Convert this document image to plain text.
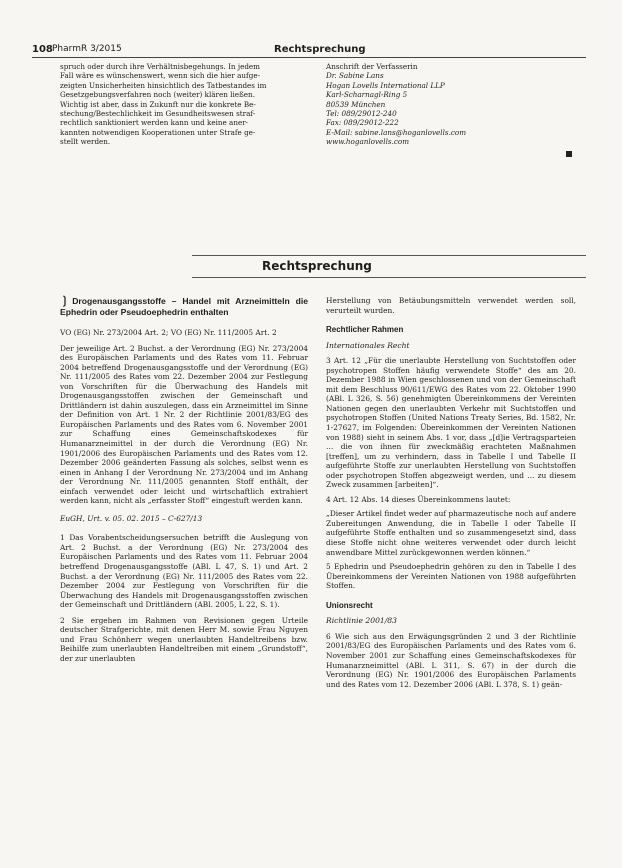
108 PharmR 3/2015	Rechtsprechung
spruch oder durch ihre Verhältnisbegehungs. In jedem
Fall wäre es wünschenswert, wenn sich die hier aufge-
zeigten Unsicherheiten hinsichtlich des Tatbestandes im
Gesetzgebungsverfahren noch (weiter) klären ließen.
Wichtig ist aber, dass in Zukunft nur die konkrete Be-
stechung/Bestechlichkeit im Gesundheitswesen straf-
rechtlich sanktioniert werden kann und keine aner-
kannten notwendigen Kooperationen unter Strafe ge-
stellt werden.
Anschrift der Verfasserin
Dr. Sabine Lans
Hogan Lovells International LLP
Karl-Scharnagl-Ring 5
80539 München
Tel: 089/29012-240
Fax: 089/29012-222
E-Mail: sabine.lans@hoganlovells.com
www.hoganlovells.com
Rechtsprechung
❳ Drogenausgangsstoffe – Handel mit Arzneimitteln die Ephedrin oder Pseudoephedrin enthalten

VO (EG) Nr. 273/2004 Art. 2; VO (EG) Nr. 111/2005 Art. 2

Der jeweilige Art. 2 Buchst. a der Verordnung (EG) Nr. 273/2004 des Europäischen Parlaments und des Rates vom 11. Februar 2004 betreffend Drogenausgangsstoffe und der Verordnung (EG) Nr. 111/2005 des Rates vom 22. Dezember 2004 zur Festlegung von Vorschriften für die Überwachung des Handels mit Drogenausgangsstoffen zwischen der Gemeinschaft und Drittländern ist dahin auszulegen, dass ein Arzneimittel im Sinne der Definition von Art. 1 Nr. 2 der Richtlinie 2001/83/EG des Europäischen Parlaments und des Rates vom 6. November 2001 zur Schaffung eines Gemeinschaftskodexes für Humanarzneimittel in der durch die Verordnung (EG) Nr. 1901/2006 des Europäischen Parlaments und des Rates vom 12. Dezember 2006 geänderten Fassung als solches, selbst wenn es einen in Anhang I der Verordnung Nr. 273/2004 und im Anhang der Verordnung Nr. 111/2005 genannten Stoff enthält, der einfach verwendet oder leicht und wirtschaftlich extrahiert werden kann, nicht als „erfasster Stoff“ eingestuft werden kann.

EuGH, Urt. v. 05. 02. 2015 – C-627/13

1 Das Vorabentscheidungsersuchen betrifft die Auslegung von Art. 2 Buchst. a der Verordnung (EG) Nr. 273/2004 des Europäischen Parlaments und des Rates vom 11. Februar 2004 betreffend Drogenausgangsstoffe (ABl. L 47, S. 1) und Art. 2 Buchst. a der Verordnung (EG) Nr. 111/2005 des Rates vom 22. Dezember 2004 zur Festlegung von Vorschriften für die Überwachung des Handels mit Drogenausgangsstoffen zwischen der Gemeinschaft und Drittländern (ABl. 2005, L 22, S. 1).

2 Sie ergehen im Rahmen von Revisionen gegen Urteile deutscher Strafgerichte, mit denen Herr M. sowie Frau Nguyen und Frau Schönherr wegen unerlaubten Handeltreibens bzw. Beihilfe zum unerlaubten Handeltreiben mit einem „Grundstoff“, der zur unerlaubten

Herstellung von Betäubungsmitteln verwendet werden soll, verurteilt wurden.

Rechtlicher Rahmen
Internationales Recht

3 Art. 12 „Für die unerlaubte Herstellung von Suchtstoffen oder psychotropen Stoffen häufig verwendete Stoffe“ des am 20. Dezember 1988 in Wien geschlossenen und von der Gemeinschaft mit dem Beschluss 90/611/EWG des Rates vom 22. Oktober 1990 (ABl. L 326, S. 56) genehmigten Übereinkommens der Vereinten Nationen gegen den unerlaubten Verkehr mit Suchtstoffen und psychotropen Stoffen (United Nations Treaty Series, Bd. 1582, Nr. 1-27627, im Folgenden: Übereinkommen der Vereinten Nationen von 1988) sieht in seinem Abs. 1 vor, dass „[d]ie Vertragsparteien … die von ihnen für zweckmäßig erachteten Maßnahmen [treffen], um zu verhindern, dass in Tabelle I und Tabelle II aufgeführte Stoffe zur unerlaubten Herstellung von Suchtstoffen oder psychotropen Stoffen abgezweigt werden, und … zu diesem Zweck zusammen [arbeiten]“.

4 Art. 12 Abs. 14 dieses Übereinkommens lautet:

„Dieser Artikel findet weder auf pharmazeutische noch auf andere Zubereitungen Anwendung, die in Tabelle I oder Tabelle II aufgeführte Stoffe enthalten und so zusammengesetzt sind, dass diese Stoffe nicht ohne weiteres verwendet oder durch leicht anwendbare Mittel zurückgewonnen werden können.“

5 Ephedrin und Pseudoephedrin gehören zu den in Tabelle I des Übereinkommens der Vereinten Nationen von 1988 aufgeführten Stoffen.

Unionsrecht
Richtlinie 2001/83

6 Wie sich aus den Erwägungsgründen 2 und 3 der Richtlinie 2001/83/EG des Europäischen Parlaments und des Rates vom 6. November 2001 zur Schaffung eines Gemeinschaftskodexes für Humanarzneimittel (ABl. L 311, S. 67) in der durch die Verordnung (EG) Nr. 1901/2006 des Europäischen Parlaments und des Rates vom 12. Dezember 2006 (ABl. L 378, S. 1) geän-
